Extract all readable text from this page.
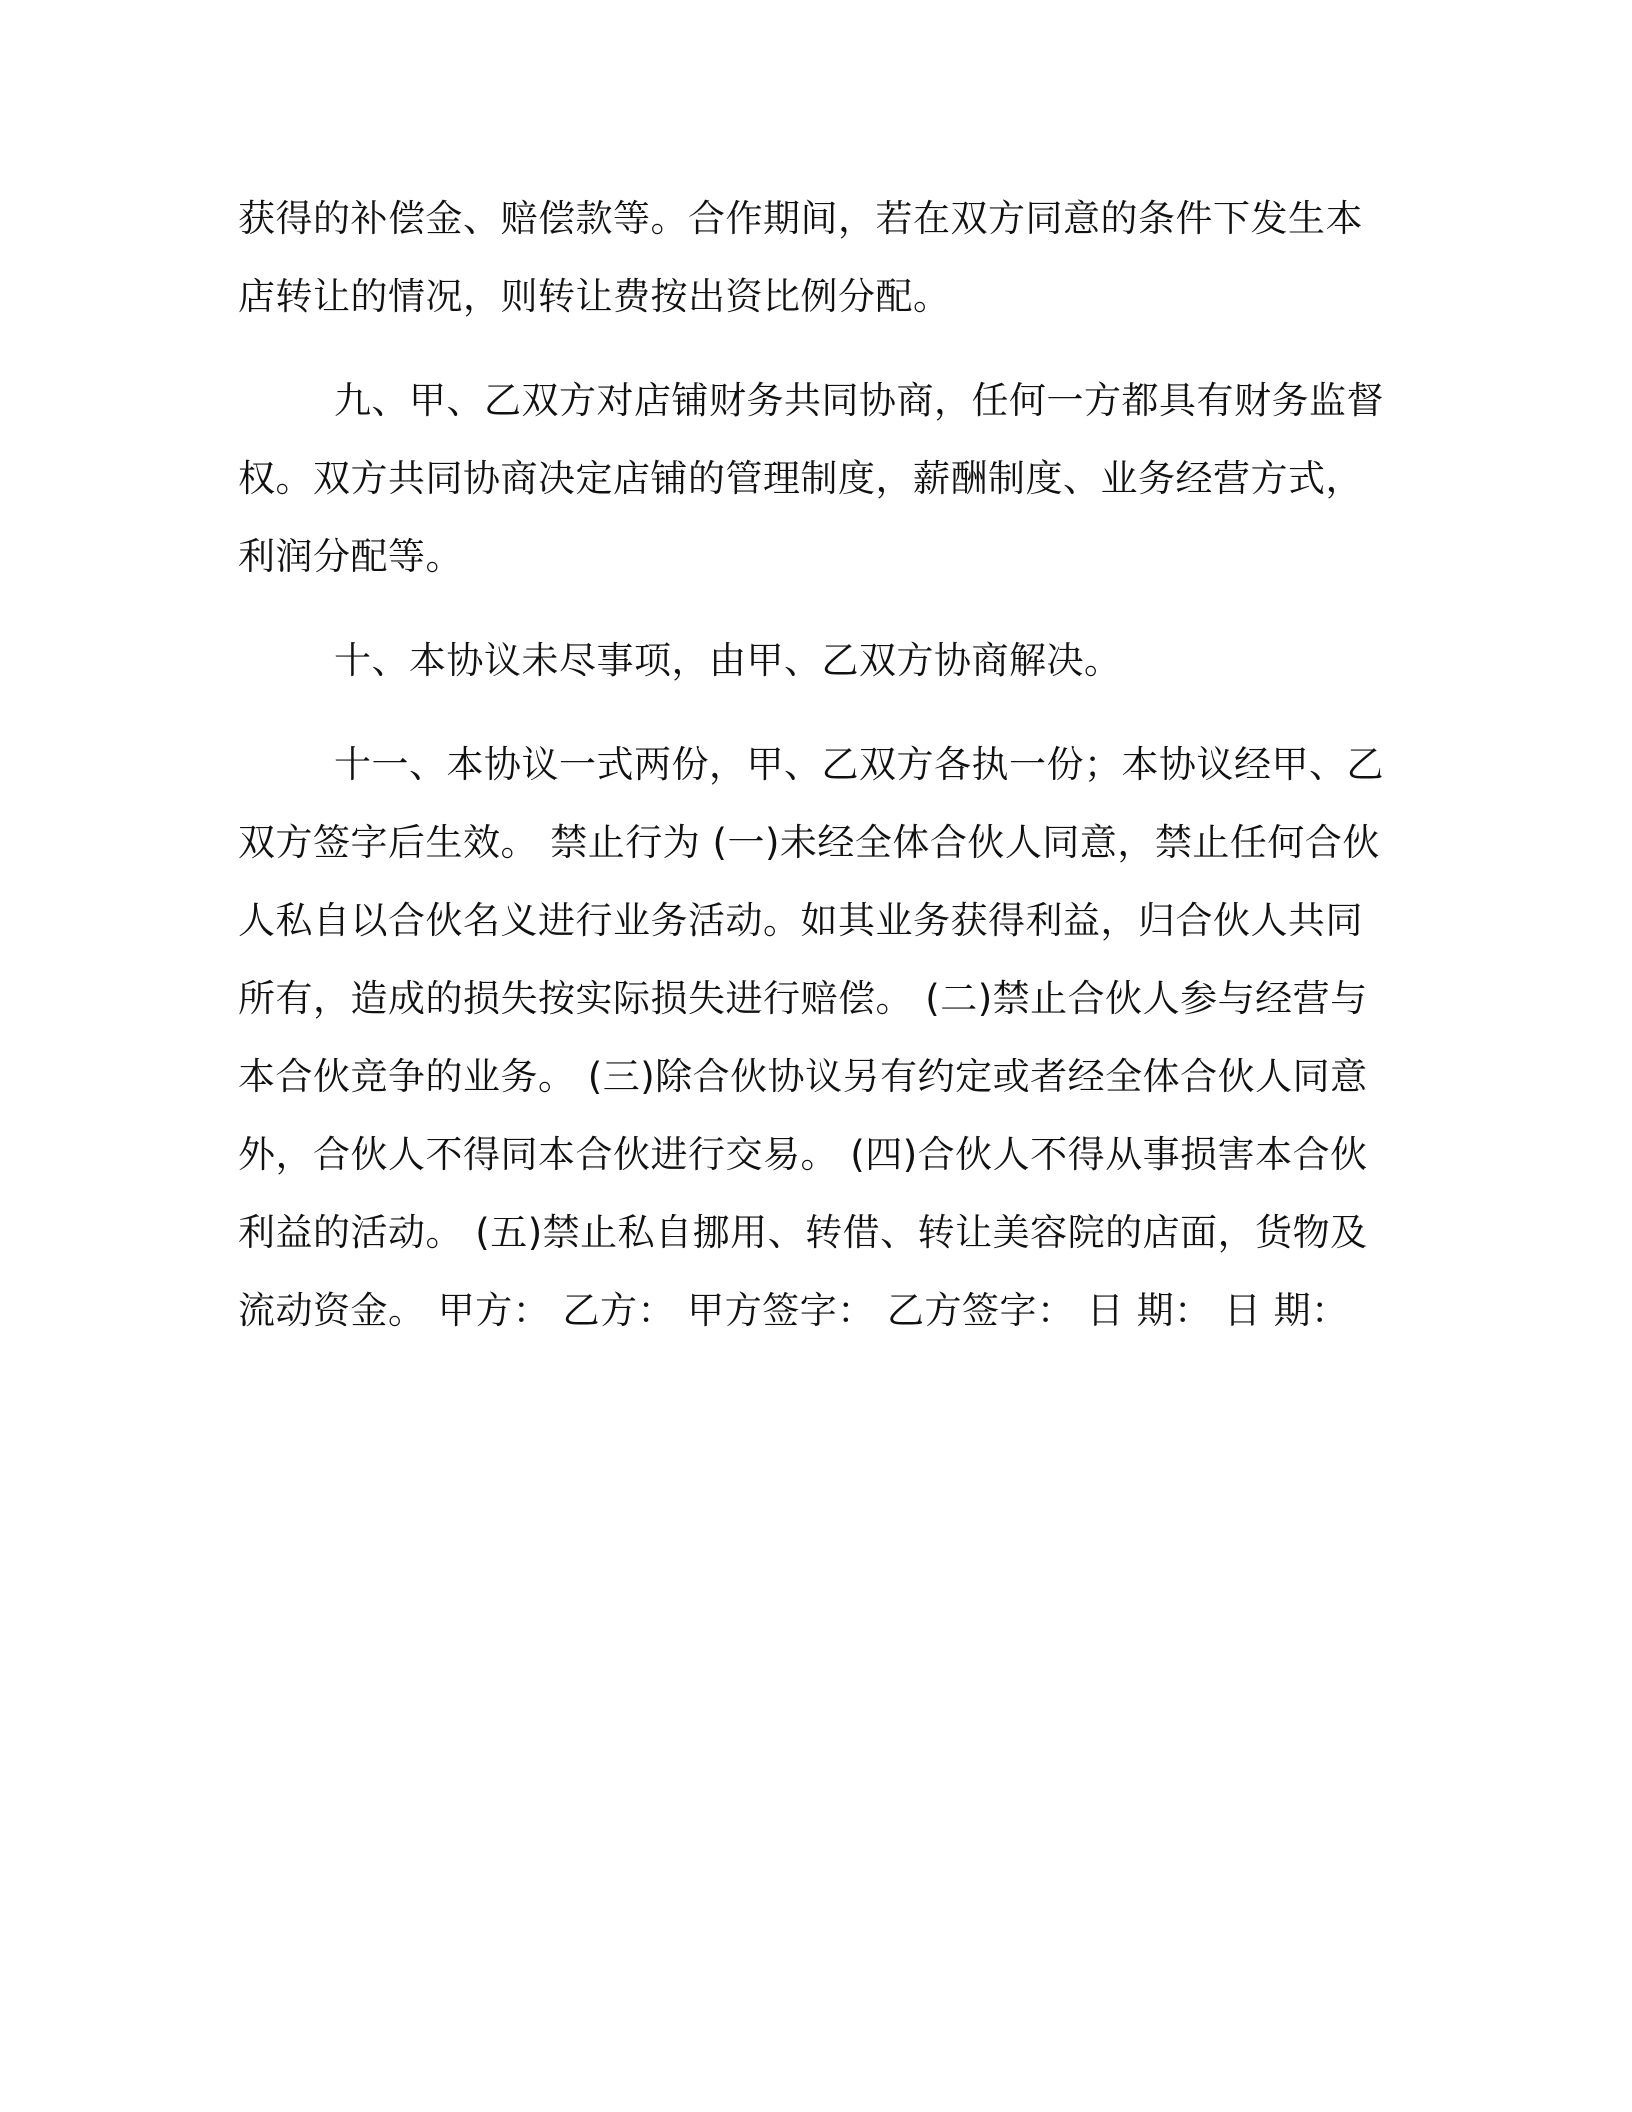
获得的补偿金、赔偿款等。合作期间，若在双方同意的条件下发生本店转让的情况，则转让费按出资比例分配。

九、甲、乙双方对店铺财务共同协商，任何一方都具有财务监督权。双方共同协商决定店铺的管理制度，薪酬制度、业务经营方式，利润分配等。

十、本协议未尽事项，由甲、乙双方协商解决。

十一、本协议一式两份，甲、乙双方各执一份；本协议经甲、乙双方签字后生效。 禁止行为 (一)未经全体合伙人同意，禁止任何合伙人私自以合伙名义进行业务活动。如其业务获得利益，归合伙人共同所有，造成的损失按实际损失进行赔偿。 (二)禁止合伙人参与经营与本合伙竞争的业务。 (三)除合伙协议另有约定或者经全体合伙人同意外，合伙人不得同本合伙进行交易。 (四)合伙人不得从事损害本合伙利益的活动。 (五)禁止私自挪用、转借、转让美容院的店面，货物及流动资金。 甲方： 乙方： 甲方签字： 乙方签字： 日 期： 日 期：
